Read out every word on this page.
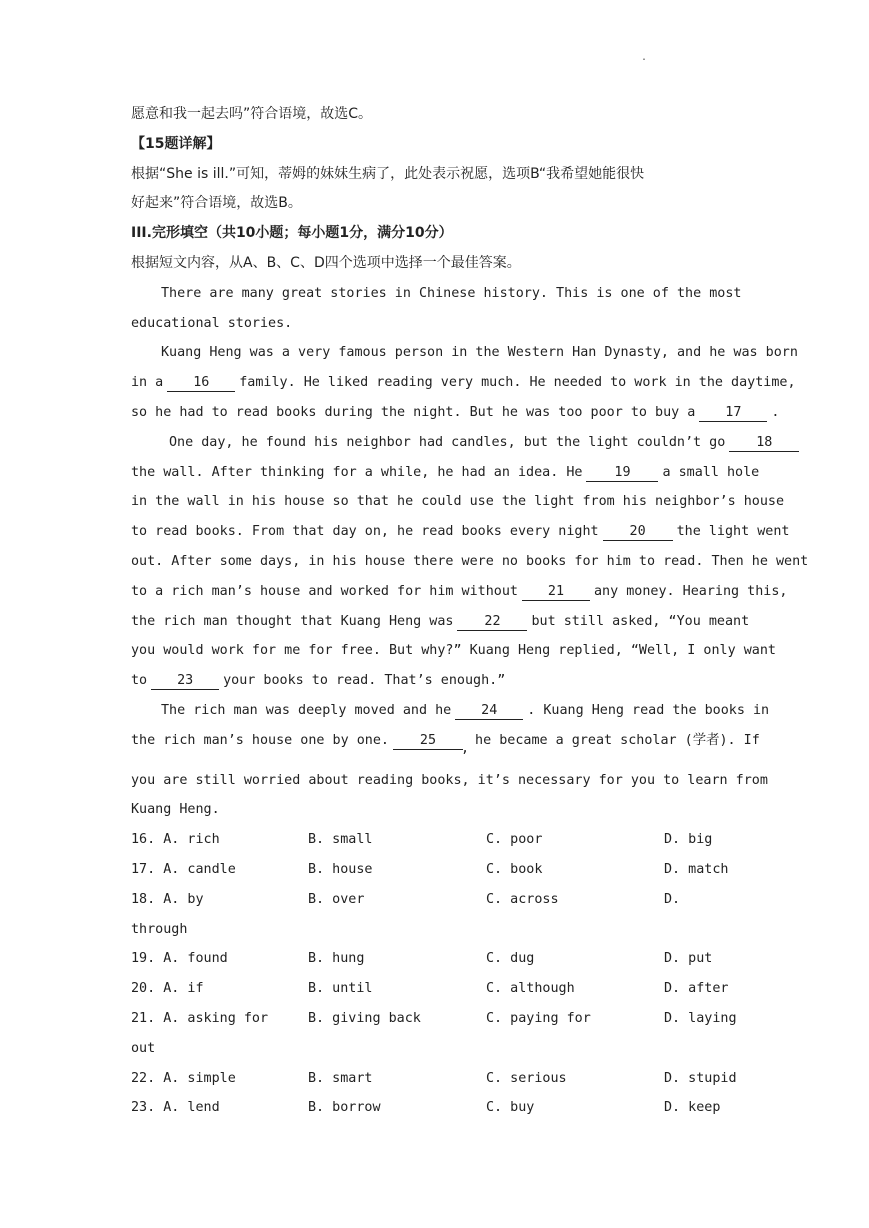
.
愿意和我一起去吗”符合语境，故选C。
【15题详解】
根据“She is ill.”可知，蒂姆的妹妹生病了，此处表示祝愿，选项B“我希望她能很快
好起来”符合语境，故选B。
III.完形填空（共10小题；每小题1分，满分10分）
根据短文内容，从A、B、C、D四个选项中选择一个最佳答案。
There are many great stories in Chinese history. This is one of the most
educational stories.
Kuang Heng was a very famous person in the Western Han Dynasty, and he was born
in a 16 family. He liked reading very much. He needed to work in the daytime,
so he had to read books during the night. But he was too poor to buy a 17 .
One day, he found his neighbor had candles, but the light couldn’t go 18
the wall. After thinking for a while, he had an idea. He 19 a small hole
in the wall in his house so that he could use the light from his neighbor’s house
to read books. From that day on, he read books every night 20 the light went
out. After some days, in his house there were no books for him to read. Then he went
to a rich man’s house and worked for him without 21 any money. Hearing this,
the rich man thought that Kuang Heng was 22 but still asked, “You meant
you would work for me for free. But why?” Kuang Heng replied, “Well, I only want
to 23 your books to read. That’s enough.”
The rich man was deeply moved and he 24 . Kuang Heng read the books in
the rich man’s house one by one. 25,he became a great scholar (学者). If
you are still worried about reading books, it’s necessary for you to learn from
Kuang Heng.
16. A. rich	B. small	C. poor	D. big
17. A. candle	B. house	C. book	D. match
18. A. by	B. over	C. across	D.
through
19. A. found	B. hung	C. dug	D. put
20. A. if	B. until	C. although	D. after
21. A. asking for	B. giving back	C. paying for	D. laying
out
22. A. simple	B. smart	C. serious	D. stupid
23. A. lend	B. borrow	C. buy	D. keep
